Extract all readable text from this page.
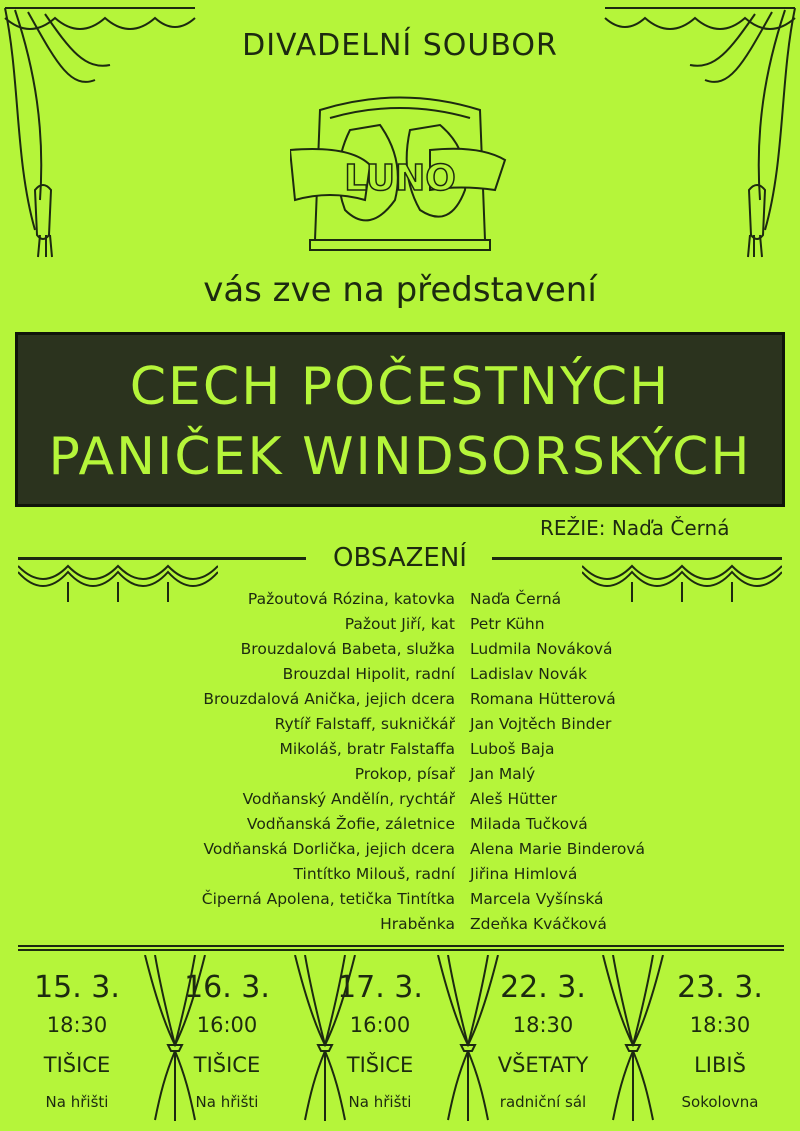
DIVADELNÍ SOUBOR
LUNO
vás zve na představení
CECH POČESTNÝCH
PANIČEK WINDSORSKÝCH
REŽIE: Naďa Černá
OBSAZENÍ
Pažoutová Rózina, katovka Naďa Černá
Pažout Jiří, kat Petr Kühn
Brouzdalová Babeta, služka Ludmila Nováková
Brouzdal Hipolit, radní Ladislav Novák
Brouzdalová Anička, jejich dcera Romana Hütterová
Rytíř Falstaff, sukničkář Jan Vojtěch Binder
Mikoláš, bratr Falstaffa Luboš Baja
Prokop, písař Jan Malý
Vodňanský Andělín, rychtář Aleš Hütter
Vodňanská Žofie, záletnice Milada Tučková
Vodňanská Dorlička, jejich dcera Alena Marie Binderová
Tintítko Milouš, radní Jiřina Himlová
Čiperná Apolena, tetička Tintítka Marcela Vyšínská
Hraběnka Zdeňka Kváčková
15. 3.
18:30
TIŠICE
Na hřišti
16. 3.
16:00
TIŠICE
Na hřišti
17. 3.
16:00
TIŠICE
Na hřišti
22. 3.
18:30
VŠETATY
radniční sál
23. 3.
18:30
LIBIŠ
Sokolovna
